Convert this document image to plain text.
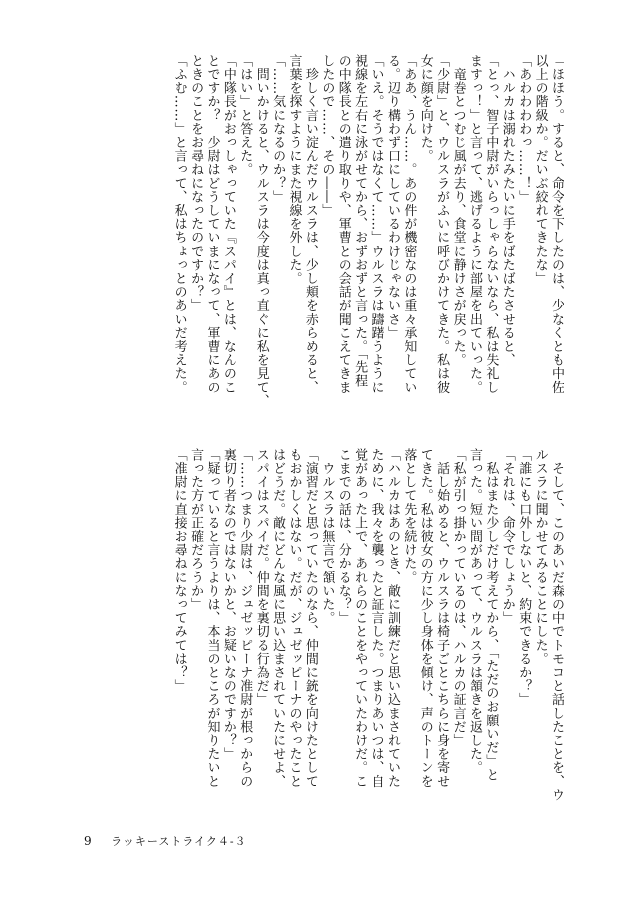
「ほほう。すると、命令を下したのは、少なくとも中佐

以上の階級か。だいぶ絞れてきたな」

「あわわわわっ……！」

　ハルカは溺れたみたいに手をばたばたさせると、

「とっ、智子中尉がいらっしゃらないなら、私は失礼し

ますっ！」と言って、逃げるように部屋を出ていった。

　竜巻とつむじ風が去り、食堂に静けさが戻った。

「少尉」と、ウルスラがふいに呼びかけてきた。私は彼

女に顔を向けた。

「ああ、うん……。あの件が機密なのは重々承知してい

る。辺り構わず口にしているわけじゃないさ」

「いえ。そうではなくて……」ウルスラは躊躇うように

視線を左右に泳がせてから、おずおずと言った。「先程

の中隊長との遣り取りや、軍曹との会話が聞こえてきま

したので……、その――」

　珍しく言い淀んだウルスラは、少し頬を赤らめると、

言葉を探すようにまた視線を外した。

「……気になるのか？」

　問いかけると、ウルスラは今度は真っ直ぐに私を見て、

「はい」と答えた。

「中隊長がおっしゃっていた『スパイ』とは、なんのこ

とですか？　少尉はどうしていまになって、軍曹にあの

ときのことをお尋ねになったのですか？」

「ふむ……」と言って、私はちょっとのあいだ考えた。

　そして、このあいだ森の中でトモコと話したことを、ウ

ルスラに聞かせてみることにした。

「誰にも口外しないと、約束できるか？」

「それは、命令でしょうか」

　私はまた少しだけ考えてから、「ただのお願いだ」と

言った。短い間があって、ウルスラは頷きを返した。

「私が引っ掛かっているのは、ハルカの証言だ」

　話し始めると、ウルスラは椅子ごとこちらに身を寄せ

てきた。私は彼女の方に少し身体を傾け、声のトーンを

落として先を続けた。

「ハルカはあのとき、敵に訓練だと思い込まされていた

ために、我々を襲ったと証言した。つまりあいつは、自

覚があった上で、あれらのことをやっていたわけだ。こ

こまでの話は、分かるな？」

　ウルスラは無言で頷いた。

「演習だと思っていたのなら、仲間に銃を向けたとして

もおかしくはない。だが、ジュゼッピーナのやったこと

はどうだ。敵にどんな風に思い込まされていたにせよ、

スパイはスパイだ。仲間を裏切る行為だ」

「……つまり少尉は、ジュゼッピーナ准尉が根っからの

裏切り者なのではないかと、お疑いなのですか？」

「疑っていると言うよりは、本当のところが知りたいと

言った方が正確だろうか」

「准尉に直接お尋ねになってみては？」

9 ラッキーストライク４-３
